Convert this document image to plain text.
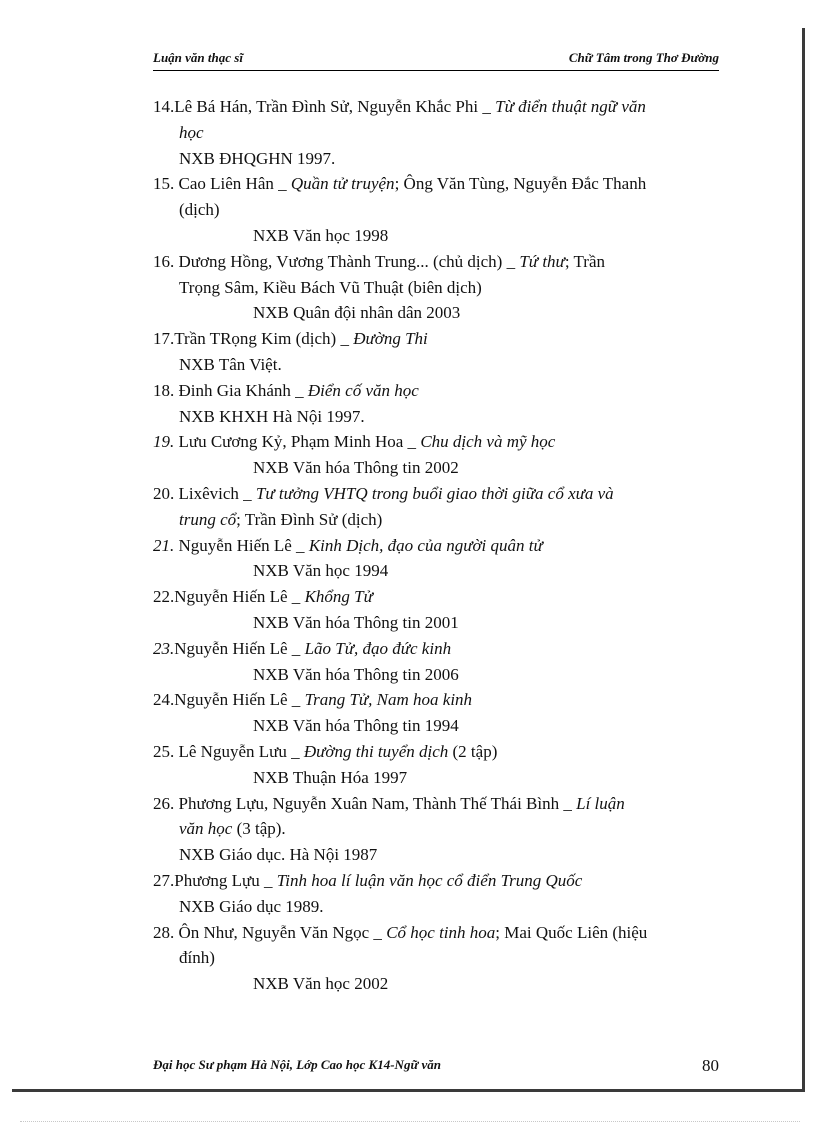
Luận văn thạc sĩ	Chữ Tâm trong Thơ Đường
14.Lê Bá Hán, Trần Đình Sử, Nguyễn Khắc Phi _ Từ điển thuật ngữ văn
học
NXB ĐHQGHN 1997.
15. Cao Liên Hân _ Quần tử truyện; Ông Văn Tùng, Nguyễn Đắc Thanh
(dịch)
NXB Văn học 1998
16. Dương Hồng, Vương Thành Trung... (chủ dịch) _ Tứ thư; Trần
Trọng Sâm, Kiều Bách Vũ Thuật (biên dịch)
NXB Quân đội nhân dân 2003
17.Trần TRọng Kim (dịch) _ Đường Thi
NXB Tân Việt.
18. Đinh Gia Khánh _ Điển cố văn học
NXB KHXH Hà Nội 1997.
19. Lưu Cương Kỷ, Phạm Minh Hoa _ Chu dịch và mỹ học
NXB Văn hóa Thông tin 2002
20. Lixêvich _ Tư tưởng VHTQ trong buổi giao thời giữa cổ xưa và
trung cổ; Trần Đình Sử (dịch)
21. Nguyễn Hiến Lê _ Kinh Dịch, đạo của người quân tử
NXB Văn học 1994
22.Nguyễn Hiến Lê _ Khổng Tử
NXB Văn hóa Thông tin 2001
23.Nguyễn Hiến Lê _ Lão Tử, đạo đức kinh
NXB Văn hóa Thông tin 2006
24.Nguyễn Hiến Lê _ Trang Tử, Nam hoa kinh
NXB Văn hóa Thông tin 1994
25. Lê Nguyễn Lưu _ Đường thi tuyển dịch (2 tập)
NXB Thuận Hóa 1997
26. Phương Lựu, Nguyễn Xuân Nam, Thành Thế Thái Bình _ Lí luận
văn học (3 tập).
NXB Giáo dục. Hà Nội 1987
27.Phương Lựu _ Tinh hoa lí luận văn học cổ điển Trung Quốc
NXB Giáo dục 1989.
28. Ôn Như, Nguyễn Văn Ngọc _ Cổ học tinh hoa; Mai Quốc Liên (hiệu
đính)
NXB Văn học 2002
Đại học Sư phạm Hà Nội, Lớp Cao học K14-Ngữ văn	80
